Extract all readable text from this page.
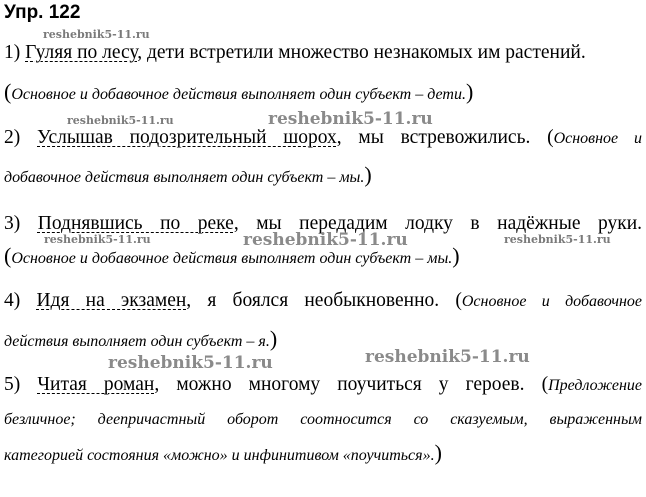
Упр. 122
1) Гуляя по лесу, дети встретили множество незнакомых им растений.
(Основное и добавочное действия выполняет один субъект – дети.)
2) Услышав подозрительный шорох, мы встревожились. (Основное и
добавочное действия выполняет один субъект – мы.)
3) Поднявшись по реке, мы передадим лодку в надёжные руки.
(Основное и добавочное действия выполняет один субъект – мы.)
4) Идя на экзамен, я боялся необыкновенно. (Основное и добавочное
действия выполняет один субъект – я.)
5) Читая роман, можно многому поучиться у героев. (Предложение
безличное; деепричастный оборот соотносится со сказуемым, выраженным
категорией состояния «можно» и инфинитивом «поучиться».)
reshebnik5-11.ru
reshebnik5-11.ru	reshebnik5-11.ru
reshebnik5-11.ru	reshebnik5-11.ru	reshebnik5-11.ru
reshebnik5-11.ru	reshebnik5-11.ru
